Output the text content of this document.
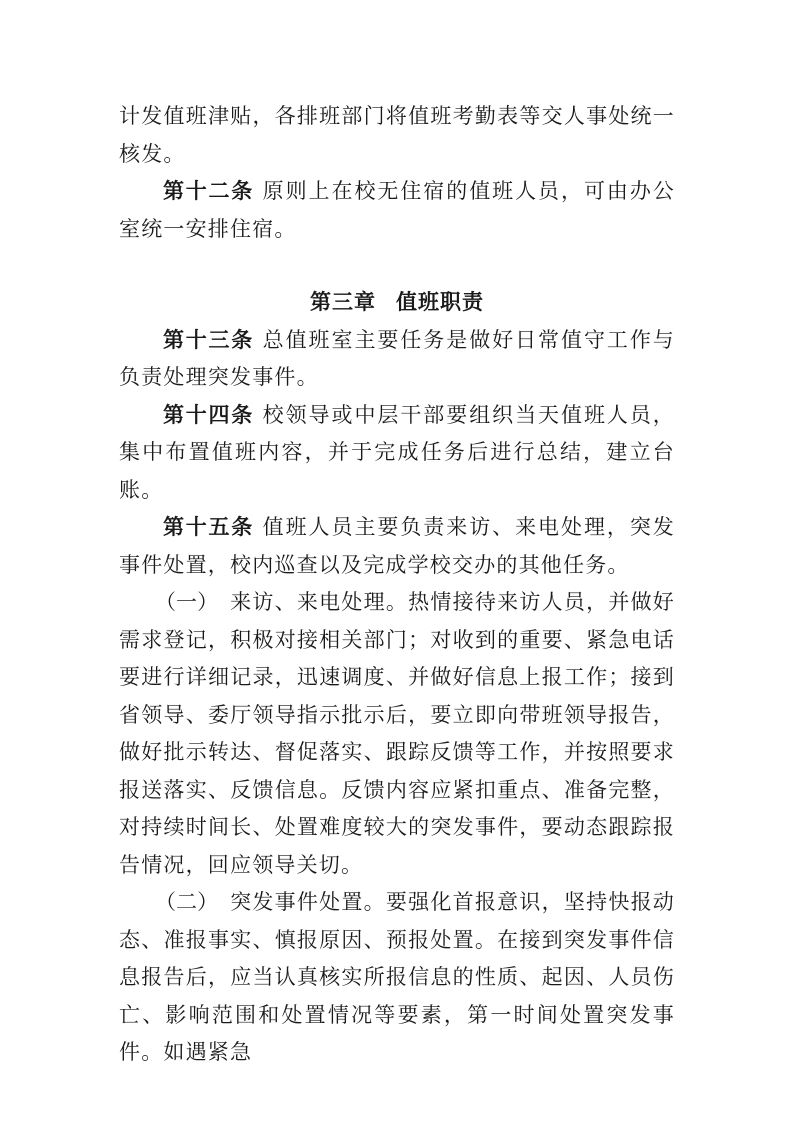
计发值班津贴，各排班部门将值班考勤表等交人事处统一核发。

第十二条 原则上在校无住宿的值班人员，可由办公室统一安排住宿。

第三章 值班职责

第十三条 总值班室主要任务是做好日常值守工作与负责处理突发事件。

第十四条 校领导或中层干部要组织当天值班人员，集中布置值班内容，并于完成任务后进行总结，建立台账。

第十五条 值班人员主要负责来访、来电处理，突发事件处置，校内巡查以及完成学校交办的其他任务。

（一） 来访、来电处理。热情接待来访人员，并做好需求登记，积极对接相关部门；对收到的重要、紧急电话要进行详细记录，迅速调度、并做好信息上报工作；接到省领导、委厅领导指示批示后，要立即向带班领导报告，做好批示转达、督促落实、跟踪反馈等工作，并按照要求报送落实、反馈信息。反馈内容应紧扣重点、准备完整，对持续时间长、处置难度较大的突发事件，要动态跟踪报告情况，回应领导关切。

（二） 突发事件处置。要强化首报意识，坚持快报动态、准报事实、慎报原因、预报处置。在接到突发事件信息报告后，应当认真核实所报信息的性质、起因、人员伤亡、影响范围和处置情况等要素，第一时间处置突发事件。如遇紧急
